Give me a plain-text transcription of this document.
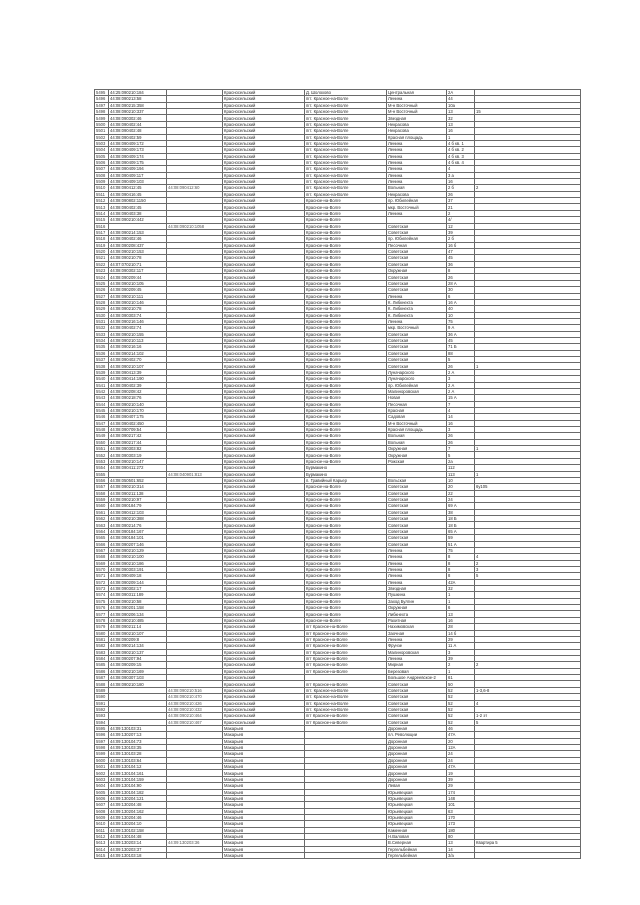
5495	44:25:090210:184		Красносельский	Д. Шолохово	Центральная	2А	
5496	44:08:090213:58		Красносельский	пгт. Красное-на-Волге	Ленина	44	
5497	44:08:090215:358		Красносельский	пгт. Красное-на-Волге	М-н Восточный	10а	
5498	44:08:090210:337		Красносельский	пгт. Красное-на-Волге	М-н Восточный	13	15
5499	44:08:090302:46		Красносельский	пгт. Красное-на-Волге	Звездная	32	
5500	44:08:090402:44		Красносельский	пгт. Красное-на-Волге	Некрасова	13	
5501	44:08:090402:48		Красносельский	пгт. Красное-на-Волге	Некрасова	16	
5502	44:08:090402:59		Красносельский	пгт. Красное-на-Волге	Красная площадь	1	
5503	44:08:090409:172		Красносельский	пгт. Красное-на-Волге	Ленина	4 б кв. 1	
5504	44:08:090409:173		Красносельский	пгт. Красное-на-Волге	Ленина	4 б кв. 2	
5505	44:08:090409:174		Красносельский	пгт. Красное-на-Волге	Ленина	4 б кв. 3	
5506	44:08:090409:175		Красносельский	пгт. Красное-на-Волге	Ленина	4 б кв. 4	
5507	44:08:090409:194		Красносельский	пгт. Красное-на-Волге	Ленина	4	
5508	44:08:090409:117		Красносельский	пгт. Красное-на-Волге	Ленина	3 а	
5509	44:08:090409:103		Красносельский	пгт. Красное-на-Волге	Ленина	16	
5510	44:08:090412:45	44:08:090412:60	Красносельский	пгт. Красное-на-Волге	Вольная	2 б	2
5511	44:08:090416:45		Красносельский	пгт. Красное-на-Волге	Некрасова	26	
5512	44:08:090802:1150		Красносельский	Красное-на-Волге	пр. Юбилейная	37	
5513	44:08:090402:45		Красносельский	Красное-на-Волге	мкр. Восточный	21	
5514	44:08:090403:38		Красносельский	Красное-на-Волге	Ленина	2	
5515	44:08:090210:442		Красносельский	Красное-на-Волге		4/	
5516		44:08:090210:1058	Красносельский	Красное-на-Волге	Советская	12	
5517	44:08:090214:153		Красносельский	Красное-на-Волге	Советская	39	
5518	44:08:090402:46		Красносельский	Красное-на-Волге	пр. Юбилейная	2 б	
5519	44:08:090208:437		Красносельский	Красное-на-Волге	Песочная	16 б	
5520	44:08:090210:153		Красносельский	Красное-на-Волге	Советская	47	
5521	44:08:090210:78		Красносельский	Красное-на-Волге	Советская	45	
5522	44:07:070210:71		Красносельский	Красное-на-Волге	Советская	36	
5523	44:08:090302:117		Красносельский	Красное-на-Волге	Окружная	8	
5524	44:08:090209:44		Красносельский	Красное-на-Волге	Советская	26	
5525	44:08:090210:105		Красносельский	Красное-на-Волге	Советская	28 А	
5526	44:08:090209:45		Красносельский	Красное-на-Волге	Советская	30	
5527	44:08:090210:111		Красносельский	Красное-на-Волге	Ленина	6	
5528	44:08:090210:146		Красносельский	Красное-на-Волге	К. Либкнехта	16 А	
5529	44:08:090210:78		Красносельский	Красное-на-Волге	К. Либкнехта	40	
5530	44:08:090303:74		Красносельский	Красное-на-Волге	К. Либкнехта	10	
5531	44:08:090216:146		Красносельский	Красное-на-Волге	Ленина	75	
5532	44:08:090402:74		Красносельский	Красное-на-Волге	мкр. Восточный	9 А	
5533	44:08:090210:155		Красносельский	Красное-на-Волге	Советская	36 А	
5534	44:08:090210:113		Красносельский	Красное-на-Волге	Советская	45	
5535	44:08:090216:16		Красносельский	Красное-на-Волге	Советская	71 Б	
5536	44:08:090214:102		Красносельский	Красное-на-Волге	Советская	88	
5537	44:08:090402:70		Красносельский	Красное-на-Волге	Советская	5	
5538	44:08:090210:107		Красносельский	Красное-на-Волге	Советская	26	1
5539	44:08:090413:39		Красносельский	Красное-на-Волге	Луначарского	2 А	
5540	44:08:090414:190		Красносельский	Красное-на-Волге	Луначарского	3	
5541	44:08:090402:39		Красносельский	Красное-на-Волге	пр. Юбилейная	2 А	
5542	44:08:090208:42		Красносельский	Красное-на-Волге	Малиноровская	2 А	
5543	44:08:090218:76		Красносельский	Красное-на-Волге	Новая	15 А	
5544	44:08:090210:140		Красносельский	Красное-на-Волге	Песочная	7	
5545	44:08:090210:170		Красносельский	Красное-на-Волге	Красная	4	
5546	44:08:090407:175		Красносельский	Красное-на-Волге	Садовая	14	
5547	44:08:090402:450		Красносельский	Красное-на-Волге	М-н Восточный	16	
5548	44:08:090709:54		Красносельский	Красное-на-Волге	Красная площадь	3	
5549	44:08:090217:42		Красносельский	Красное-на-Волге	Вольная	26	
5550	44:08:090217:44		Красносельский	Красное-на-Волге	Вольная	26	
5551	44:08:090303:82		Красносельский	Красное-на-Волге	Окружная	7	1
5552	44:08:090303:19		Красносельский	Красное-на-Волге	Окружная	5	
5553	44:08:090210:147		Красносельский	Красное-на-Волге	Рожская	2а	
5554	44:08:090411:272		Красносельский	Бурмакино		112	
5555		44:08:040901:813	Красносельский	Бурмакино		113	1
5556	44:08:050501:652		Красносельский	п. Гравийный Карьер	Вольская	10	
5557	44:08:090210:314		Красносельский	Красное-на-Волге	Советская	20	6у105
5558	44:08:090211:138		Красносельский	Красное-на-Волге	Советская	22	
5559	44:08:090210:97		Красносельский	Красное-на-Волге	Советская	24	
5560	44:08:090184:79		Красносельский	Красное-на-Волге	Советская	69 А	
5561	44:08:090412:103		Красносельский	Красное-на-Волге	Советская	38	
5562	44:08:090210:388		Красносельский	Красное-на-Волге	Советская	18 Б	
5563	44:08:090214:76		Красносельский	Красное-на-Волге	Советская	18 Б	
5564	44:08:090184:167		Красносельский	Красное-на-Волге	Советская	65 А	
5565	44:08:090184:101		Красносельский	Красное-на-Волге	Советская	59	
5566	44:08:090207:146		Красносельский	Красное-на-Волге	Советская	51 А	
5567	44:08:090210:129		Красносельский	Красное-на-Волге	Ленина	75	
5568	44:08:090210:100		Красносельский	Красное-на-Волге	Ленина	8	4
5569	44:08:090210:186		Красносельский	Красное-на-Волге	Ленина	8	2
5570	44:08:090303:191		Красносельский	Красное-на-Волге	Ленина	8	3
5571	44:08:090409:18		Красносельский	Красное-на-Волге	Ленина	8	5
5572	44:08:090209:144		Красносельский	Красное-на-Волге	Ленина	42А	
5573	44:08:090302:17		Красносельский	Красное-на-Волге	Звездная	32	
5574	44:08:090311:189		Красносельский	Красное-на-Волге	Пушкина	1	
5575	44:08:090210:58		Красносельский	Красное-на-Волге	Заход Булгин	1	
5576	44:08:090201:158		Красносельский	Красное-на-Волге	Окружная	6	
5577	44:08:090206:134		Красносельский	Красное-на-Волге	Либкнехта	13	
5578	44:08:090210:485		Красносельский	Красное-на-Волге	Рахитная	16	
5579	44:08:090211:14		Красносельский	пгт Красное-на-Волге	Нахимовская	28	
5580	44:08:090210:107		Красносельский	пгт Красное-на-Волге	Заочная	14 б	
5581	44:08:090209:8		Красносельский	пгт Красное-на-Волге	Ленина	29	
5582	44:08:090214:134		Красносельский	пгт Красное-на-Волге	Фрунзе	11 А	
5583	44:08:090210:137		Красносельский	пгт Красное-на-Волге	Малиноровская	3	
5584	44:08:090207:94		Красносельский	пгт Красное-на-Волге	Ленина	39	
5585	44:08:090209:15		Красносельский	пгт Красное-на-Волге	Мирная	2	2
5586	44:08:090210:169		Красносельский	пгт Красное-на-Волге	Березовая	1	
5587	44:08:090307:103		Красносельский		Большое Андреевское-2	61	
5588	44:08:090210:180		Красносельский	пгт Красное-на-Волге	Советская	50	
5589		44:08:090210:516	Красносельский	пгт. Красное-на-Волге	Советская	52	1-3,6-8
5590		44:08:090210:470	Красносельский	пгт. Красное-на-Волге	Советская	52	
5591		44:08:090210:426	Красносельский	пгт. Красное-на-Волге	Советская	52	4
5592		44:08:090210:433	Красносельский	пгт. Красное-на-Волге	Советская	52	
5593		44:08:090210:464	Красносельский	пгт Красное-на-Волге	Советская	52	1-2 эт
5594		44:08:090210:467	Красносельский	пгт Красное-на-Волге	Советская	52	5
5595	44:09:130103:31		Макарьев		Доронная	46	
5596	44:09:130207:13		Макарьев		пл. Революции	47А	
5597	44:09:130104:73		Макарьев		Доронная	20	
5598	44:09:130103:35		Макарьев		Доронная	12А	
5599	44:09:130103:28		Макарьев		Доронная	24	
5600	44:09:130103:64		Макарьев		Доронная	24	
5601	44:09:130104:12		Макарьев		Доронная	47А	
5602	44:09:130104:161		Макарьев		Доронная	19	
5603	44:09:130104:159		Макарьев		Доронная	39	
5604	44:09:130104:90		Макарьев		Левая	29	
5605	44:09:130104:182		Макарьев		Юрьевецкая	174	
5606	44:09:130204:121		Макарьев		Юрьевецкая	148	
5607	44:09:130204:48		Макарьев		Юрьевецкая	101	
5608	44:09:130204:162		Макарьев		Юрьевецкая	63	
5609	44:09:130204:46		Макарьев		Юрьевецкая	170	
5610	44:09:130204:10		Макарьев		Юрьевецкая	173	
5611	44:09:130102:158		Макарьев		Каменная	180	
5612	44:09:130104:48		Макарьев		Н.Валовая	80	
5613	44:09:130203:14	44:09:130203:36	Макарьев		В.Северная	13	Квартира 5
5614	44:09:130203:37		Макарьев		Гергельбейная	14	
5615	44:09:130103:18		Макарьев		Гергельбейная	3/а	
